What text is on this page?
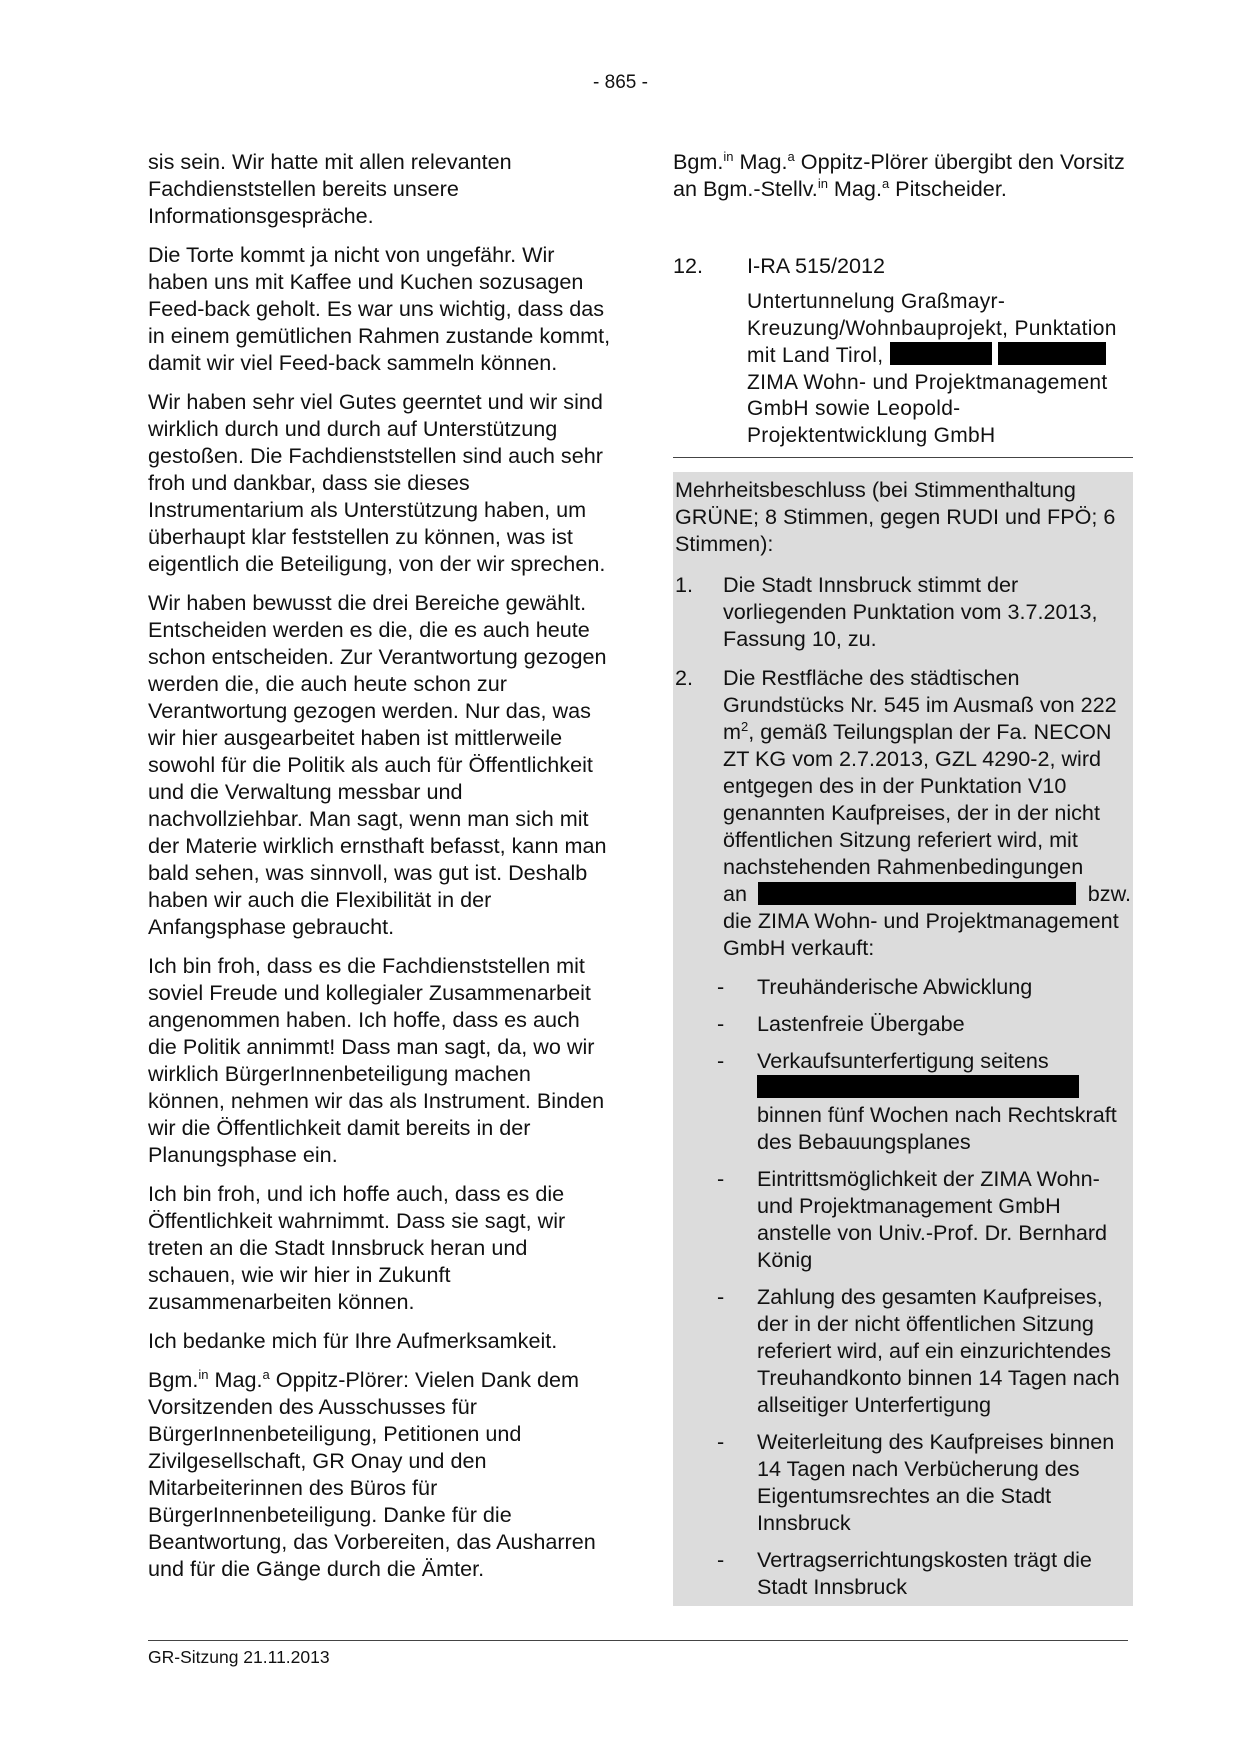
- 865 -

sis sein. Wir hatte mit allen relevanten Fachdienststellen bereits unsere Informationsgespräche.

Die Torte kommt ja nicht von ungefähr. Wir haben uns mit Kaffee und Kuchen sozusagen Feed-back geholt. Es war uns wichtig, dass das in einem gemütlichen Rahmen zustande kommt, damit wir viel Feed-back sammeln können.

Wir haben sehr viel Gutes geerntet und wir sind wirklich durch und durch auf Unterstützung gestoßen. Die Fachdienststellen sind auch sehr froh und dankbar, dass sie dieses Instrumentarium als Unterstützung haben, um überhaupt klar feststellen zu können, was ist eigentlich die Beteiligung, von der wir sprechen.

Wir haben bewusst die drei Bereiche gewählt. Entscheiden werden es die, die es auch heute schon entscheiden. Zur Verantwortung gezogen werden die, die auch heute schon zur Verantwortung gezogen werden. Nur das, was wir hier ausgearbeitet haben ist mittlerweile sowohl für die Politik als auch für Öffentlichkeit und die Verwaltung messbar und nachvollziehbar. Man sagt, wenn man sich mit der Materie wirklich ernsthaft befasst, kann man bald sehen, was sinnvoll, was gut ist. Deshalb haben wir auch die Flexibilität in der Anfangsphase gebraucht.

Ich bin froh, dass es die Fachdienststellen mit soviel Freude und kollegialer Zusammenarbeit angenommen haben. Ich hoffe, dass es auch die Politik annimmt! Dass man sagt, da, wo wir wirklich BürgerInnenbeteiligung machen können, nehmen wir das als Instrument. Binden wir die Öffentlichkeit damit bereits in der Planungsphase ein.

Ich bin froh, und ich hoffe auch, dass es die Öffentlichkeit wahrnimmt. Dass sie sagt, wir treten an die Stadt Innsbruck heran und schauen, wie wir hier in Zukunft zusammenarbeiten können.

Ich bedanke mich für Ihre Aufmerksamkeit.

Bgm.$^{in}$ Mag.$^a$ Oppitz-Plörer: Vielen Dank dem Vorsitzenden des Ausschusses für BürgerInnenbeteiligung, Petitionen und Zivilgesellschaft, GR Onay und den Mitarbeiterinnen des Büros für BürgerInnenbeteiligung. Danke für die Beantwortung, das Vorbereiten, das Ausharren und für die Gänge durch die Ämter.

Bgm.$^{in}$ Mag.$^a$ Oppitz-Plörer übergibt den Vorsitz an Bgm.-Stellv.$^{in}$ Mag.$^a$ Pitscheider.

12.	I-RA 515/2012
Untertunnelung Graßmayr-Kreuzung/Wohnbauprojekt, Punktation mit Land Tirol,   ZIMA Wohn- und Projektmanagement GmbH sowie Leopold-Projektentwicklung GmbH
Mehrheitsbeschluss (bei Stimmenthaltung GRÜNE; 8 Stimmen, gegen RUDI und FPÖ; 6 Stimmen):
1.	Die Stadt Innsbruck stimmt der vorliegenden Punktation vom 3.7.2013, Fassung 10, zu.
2.	Die Restfläche des städtischen Grundstücks Nr. 545 im Ausmaß von 222 $m^2$, gemäß Teilungsplan der Fa. NECON ZT KG vom 2.7.2013, GZL 4290-2, wird entgegen des in der Punktation V10 genannten Kaufpreises, der in der nicht öffentlichen Sitzung referiert wird, mit nachstehenden Rahmenbedingungen
an	bzw.
die ZIMA Wohn- und Projektmanagement GmbH verkauft:
-	Treuhänderische Abwicklung
-	Lastenfreie Übergabe
-	Verkaufsunterfertigung seitens

binnen fünf Wochen nach Rechtskraft des Bebauungsplanes
-	Eintrittsmöglichkeit der ZIMA Wohn- und Projektmanagement GmbH anstelle von Univ.-Prof. Dr. Bernhard König
-	Zahlung des gesamten Kaufpreises, der in der nicht öffentlichen Sitzung referiert wird, auf ein einzurichtendes Treuhandkonto binnen 14 Tagen nach allseitiger Unterfertigung
-	Weiterleitung des Kaufpreises binnen 14 Tagen nach Verbücherung des Eigentumsrechtes an die Stadt Innsbruck
-	Vertragserrichtungskosten trägt die Stadt Innsbruck
GR-Sitzung 21.11.2013
